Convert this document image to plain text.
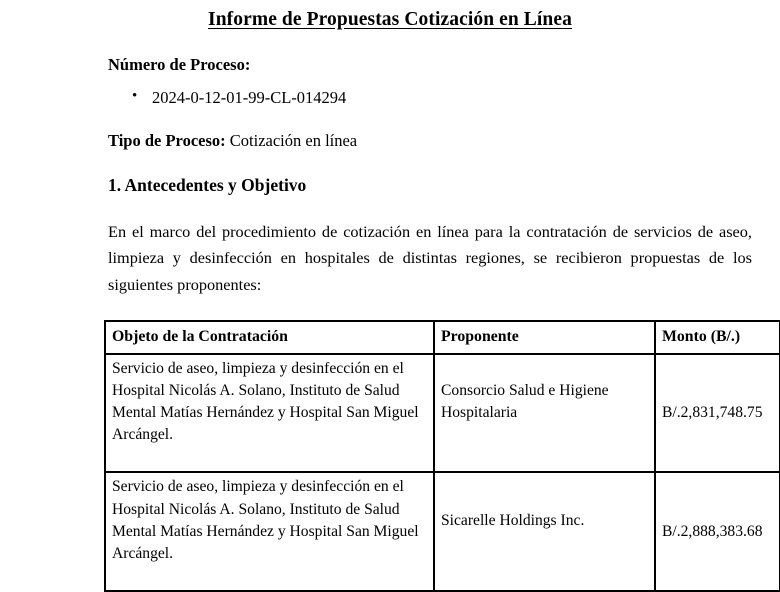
Informe de Propuestas Cotización en Línea

Número de Proceso:

• 2024-0-12-01-99-CL-014294

Tipo de Proceso: Cotización en línea

1. Antecedentes y Objetivo

En el marco del procedimiento de cotización en línea para la contratación de servicios de aseo, limpieza y desinfección en hospitales de distintas regiones, se recibieron propuestas de los siguientes proponentes:

Objeto de la Contratación	Proponente	Monto (B/.)

Servicio de aseo, limpieza y desinfección en el Hospital Nicolás A. Solano, Instituto de Salud Mental Matías Hernández y Hospital San Miguel Arcángel.	Consorcio Salud e Higiene Hospitalaria	B/.2,831,748.75

Servicio de aseo, limpieza y desinfección en el Hospital Nicolás A. Solano, Instituto de Salud Mental Matías Hernández y Hospital San Miguel Arcángel.	Sicarelle Holdings Inc.	B/.2,888,383.68
